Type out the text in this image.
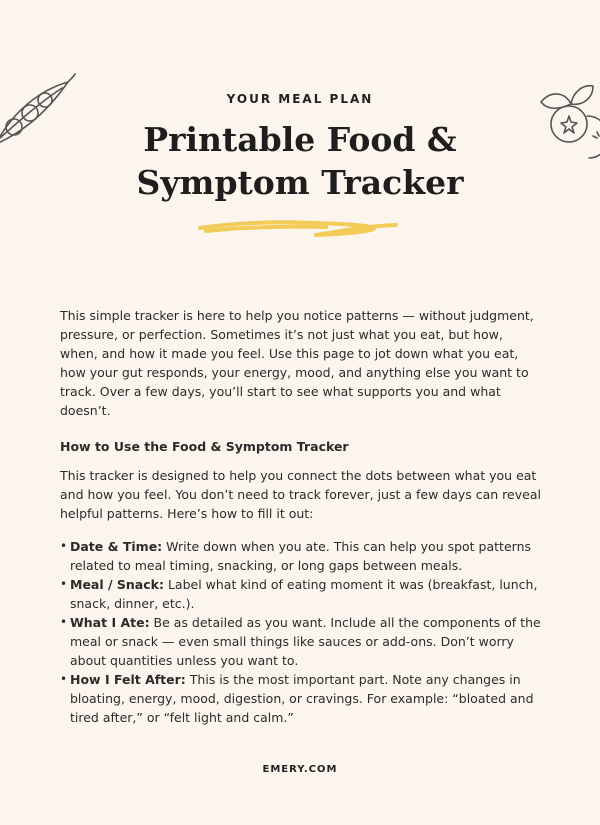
YOUR MEAL PLAN
Printable Food &
Symptom Tracker

This simple tracker is here to help you notice patterns — without judgment, pressure, or perfection. Sometimes it’s not just what you eat, but how, when, and how it made you feel. Use this page to jot down what you eat, how your gut responds, your energy, mood, and anything else you want to track. Over a few days, you’ll start to see what supports you and what doesn’t.

How to Use the Food & Symptom Tracker

This tracker is designed to help you connect the dots between what you eat and how you feel. You don’t need to track forever, just a few days can reveal helpful patterns. Here’s how to fill it out:

• Date & Time: Write down when you ate. This can help you spot patterns related to meal timing, snacking, or long gaps between meals.
• Meal / Snack: Label what kind of eating moment it was (breakfast, lunch, snack, dinner, etc.).
• What I Ate: Be as detailed as you want. Include all the components of the meal or snack — even small things like sauces or add-ons. Don’t worry about quantities unless you want to.
• How I Felt After: This is the most important part. Note any changes in bloating, energy, mood, digestion, or cravings. For example: “bloated and tired after,” or “felt light and calm.”
EMERY.COM
